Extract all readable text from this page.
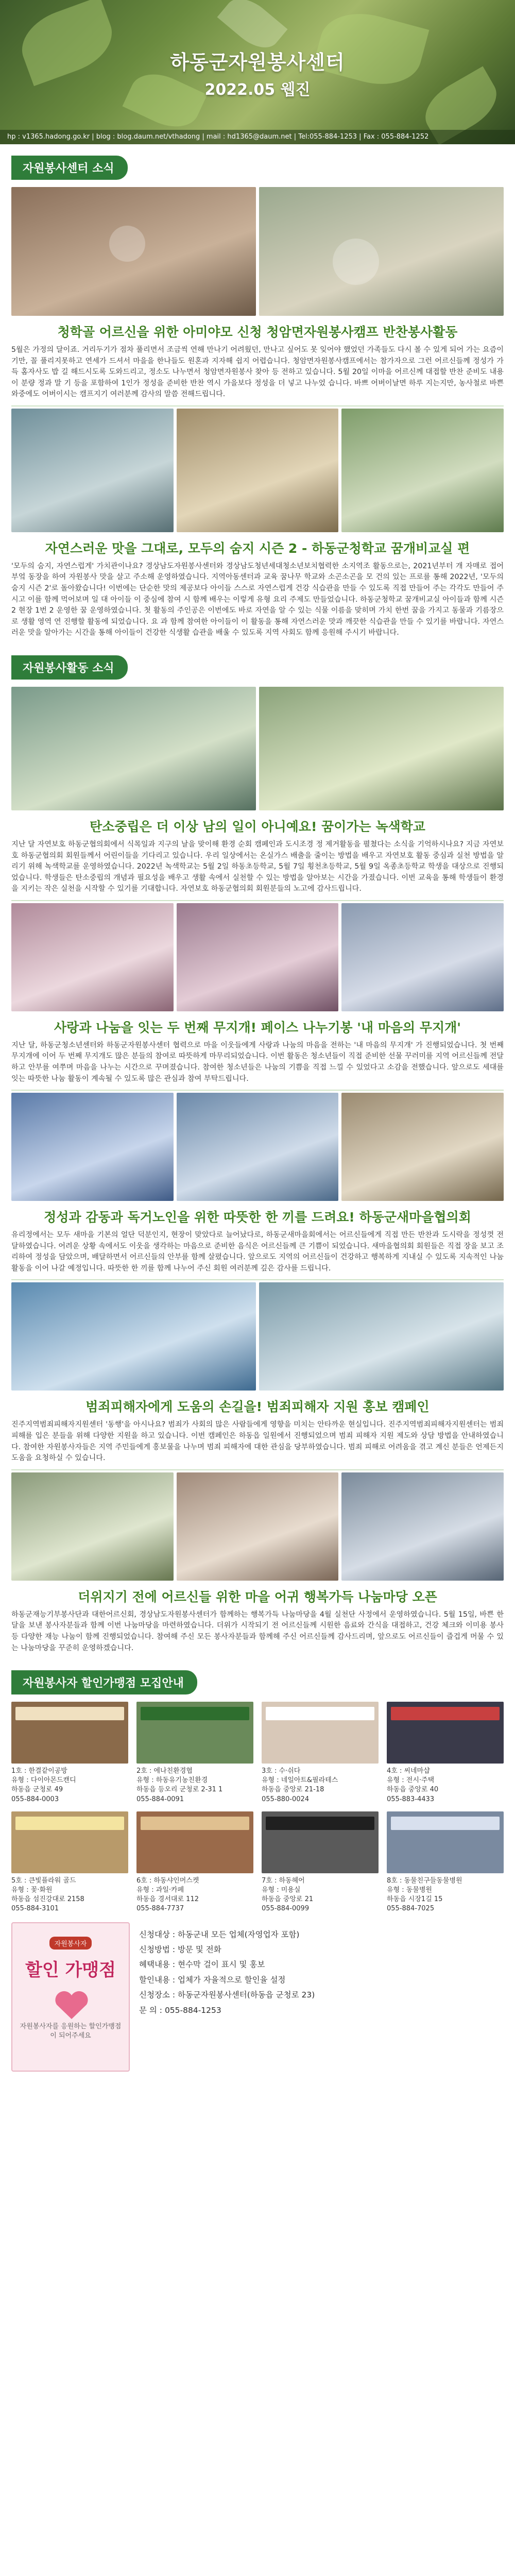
하동군자원봉사센터
2022.05 웹진
hp : v1365.hadong.go.kr | blog : blog.daum.net/vthadong | mail : hd1365@daum.net | Tel:055-884-1253 | Fax : 055-884-1252
자원봉사센터 소식
청학골 어르신을 위한 아미야모 신청 청암면자원봉사캠프 반찬봉사활동
5월은 가정의 달이죠. 거리두기가 점차 풀리면서 조금씩 연해 만나기 어려웠던, 만나고 싶어도 못 잊어야 했었던 가족들도 다시 볼 수 있게 되어 가는 요즘이기만, 꼴 풀리지못하고 연세가 드셔서 마을을 한나들도 원혼과 지자해 쉽지 어렵습니다. 청암면자원봉사캠프에서는 참가자으로 그런 어르신들께 정성가 가득 홈자사도 밥 길 해드시도록 도와드리고, 정소도 나누면서 청암면자원봉사 찾아 등 전하고 있습니다. 5월 20일 이마을 어르신께 대접할 반찬 준비도 내용이 분량 정과 말 기 등을 포함하여 1인가 정성을 준비한 반찬 역시 가을보다 정성을 더 넣고 나누었 습니다. 바쁘 어버이날면 하루 지는지만, 농사철로 바쁜 와중에도 어버이시는 캠프지기 여러분께 감사의 말씀 전해드립니다.
자연스러운 맛을 그대로, 모두의 숨지 시즌 2 - 하동군청학교 꿈개비교실 편
'모두의 숨지, 자연스럽게' 가치관이나요? 경상남도자원봉사센터와 경상남도청년세대청소년보치협력한 소지역조 활동으로는, 2021년부터 개 자매로 접어 부엌 동장을 하여 자원봉사 맛을 살고 주소해 운영하였습니다. 지역아동센터과 교육 꿈나무 학교와 소곤소곤을 모 건의 있는 프로를 통해 2022년, '모두의 숨지 시즌 2'로 돌아왔습니다! 이번에는 단순한 맛의 제공보다 아이들 스스로 자연스럽게 건강 식습관을 만들 수 있도록 직접 만들어 주는 각각도 만들어 주시고 이를 함께 먹어보며 일 대 아이들 이 중심에 참여 시 함께 배우는 이렇게 유형 요리 주제도 만들었습니다. 하동군청학교 꿈개비교실 아이들과 함께 시즌 2 현장 1번 2 운영한 꿈 운영하였습니다. 첫 활동의 주인공은 이번에도 바로 자연을 알 수 있는 식물 이름을 맞히며 가치 한번 꿈을 가지고 동물과 기름장으로 생활 영역 연 진행할 활동에 되었습니다. 요 과 함께 참여한 아이들이 이 활동을 통해 자연스러운 맛과 깨끗한 식습관을 만들 수 있기를 바랍니다. 자연스러운 맛을 알아가는 시간을 통해 아이들이 건강한 식생활 습관을 배울 수 있도록 지역 사회도 함께 응원해 주시기 바랍니다.
자원봉사활동 소식
탄소중립은 더 이상 남의 일이 아니예요! 꿈이가는 녹색학교
지난 달 자연보호 하동군협의회에서 식목일과 지구의 날을 맞이해 환경 순회 캠페인과 도시조경 정 제거활동을 펼쳤다는 소식을 기억하시나요? 지금 자연보호 하동군협의회 회원들께서 어린이들을 기다리고 있습니다. 우리 일상에서는 온실가스 배출을 줄이는 방법을 배우고 자연보호 활동 중심과 실천 방법을 알리기 위해 녹색학교를 운영하였습니다. 2022년 녹색학교는 5월 2일 하동초등학교, 5월 7일 횡천초등학교, 5월 9일 옥종초등학교 학생을 대상으로 진행되었습니다. 학생들은 탄소중립의 개념과 필요성을 배우고 생활 속에서 실천할 수 있는 방법을 알아보는 시간을 가졌습니다. 이번 교육을 통해 학생들이 환경을 지키는 작은 실천을 시작할 수 있기를 기대합니다. 자연보호 하동군협의회 회원분들의 노고에 감사드립니다.
사랑과 나눔을 잇는 두 번째 무지개! 페이스 나누기봉 '내 마음의 무지개'
지난 달, 하동군청소년센터와 하동군자원봉사센터 협력으로 마을 이웃들에게 사랑과 나눔의 마음을 전하는 '내 마음의 무지개' 가 진행되었습니다. 첫 번째 무지개에 이어 두 번째 무지개도 많은 분들의 참여로 따뜻하게 마무리되었습니다. 이번 활동은 청소년들이 직접 준비한 선물 꾸러미를 지역 어르신들께 전달하고 안부를 여쭈며 마음을 나누는 시간으로 꾸며졌습니다. 참여한 청소년들은 나눔의 기쁨을 직접 느낄 수 있었다고 소감을 전했습니다. 앞으로도 세대를 잇는 따뜻한 나눔 활동이 계속될 수 있도록 많은 관심과 참여 부탁드립니다.
정성과 감동과 독거노인을 위한 따뜻한 한 끼를 드려요! 하동군새마을협의회
유리정에서는 모두 새마을 기본의 얼단 덕분인지, 현장이 맞았다로 늘어났다로, 하동군새마을회에서는 어르신들에게 직접 만든 반찬과 도시락을 정성껏 전달하였습니다. 어려운 상황 속에서도 이웃을 생각하는 마음으로 준비한 음식은 어르신들께 큰 기쁨이 되었습니다. 새마을협의회 회원들은 직접 장을 보고 조리하여 정성을 담았으며, 배달하면서 어르신들의 안부를 함께 살폈습니다. 앞으로도 지역의 어르신들이 건강하고 행복하게 지내실 수 있도록 지속적인 나눔 활동을 이어 나갈 예정입니다. 따뜻한 한 끼를 함께 나누어 주신 회원 여러분께 깊은 감사를 드립니다.
범죄피해자에게 도움의 손길을! 범죄피해자 지원 홍보 캠페인
진주지역범죄피해자지원센터 '동행'을 아시나요? 범죄가 사회의 많은 사람들에게 영향을 미치는 안타까운 현실입니다. 진주지역범죄피해자지원센터는 범죄 피해를 입은 분들을 위해 다양한 지원을 하고 있습니다. 이번 캠페인은 하동읍 일원에서 진행되었으며 범죄 피해자 지원 제도와 상담 방법을 안내하였습니다. 참여한 자원봉사자들은 지역 주민들에게 홍보물을 나누며 범죄 피해자에 대한 관심을 당부하였습니다. 범죄 피해로 어려움을 겪고 계신 분들은 언제든지 도움을 요청하실 수 있습니다.
더위지기 전에 어르신들 위한 마을 어귀 행복가득 나눔마당 오픈
하동군재능기부봉사단과 대한어르신회, 경상남도자원봉사센터가 함께하는 행복가득 나눔마당을 4월 실천단 사정에서 운영하였습니다. 5월 15일, 바쁜 한 달을 보낸 봉사자분들과 함께 이번 나눔마당을 마련하였습니다. 더위가 시작되기 전 어르신들께 시원한 음료와 간식을 대접하고, 건강 체크와 이미용 봉사 등 다양한 재능 나눔이 함께 진행되었습니다. 참여해 주신 모든 봉사자분들과 함께해 주신 어르신들께 감사드리며, 앞으로도 어르신들이 즐겁게 머물 수 있는 나눔마당을 꾸준히 운영하겠습니다.
자원봉사자 할인가맹점 모집안내
1호 : 한결같이공방
유형 : 다이아몬드캔디
하동읍 군청로 49
055-884-0003
2호 : 에나친환경협
유형 : 하동유기농친환경
하동읍 등오리 군청로 2-31 1
055-884-0091
3호 : 수·쉬다
유형 : 네일아트&필라테스
하동읍 중앙로 21-18
055-880-0024
4호 : 씨네마샵
유형 : 전시·주택
하동읍 중앙로 40
055-883-4433
5호 : 큰빛플라워 골드
유형 : 꽃·화원
하동읍 섬진강대로 2158
055-884-3101
6호 : 하동샤인머스켓
유형 : 과일·카페
하동읍 경서대로 112
055-884-7737
7호 : 하동헤어
유형 : 미용실
하동읍 중앙로 21
055-884-0099
8호 : 동물친구들동물병원
유형 : 동물병원
하동읍 시장1길 15
055-884-7025
자원봉사자
할인 가맹점
자원봉사자를 응원하는 할인가맹점이 되어주세요

신청대상 : 하동군내 모든 업체(자영업자 포함)

신청방법 : 방문 및 전화

혜택내용 : 현수막 걸이 표시 및 홍보

할인내용 : 업체가 자율적으로 할인율 설정

신청장소 : 하동군자원봉사센터(하동읍 군청로 23)

문 의 : 055-884-1253
